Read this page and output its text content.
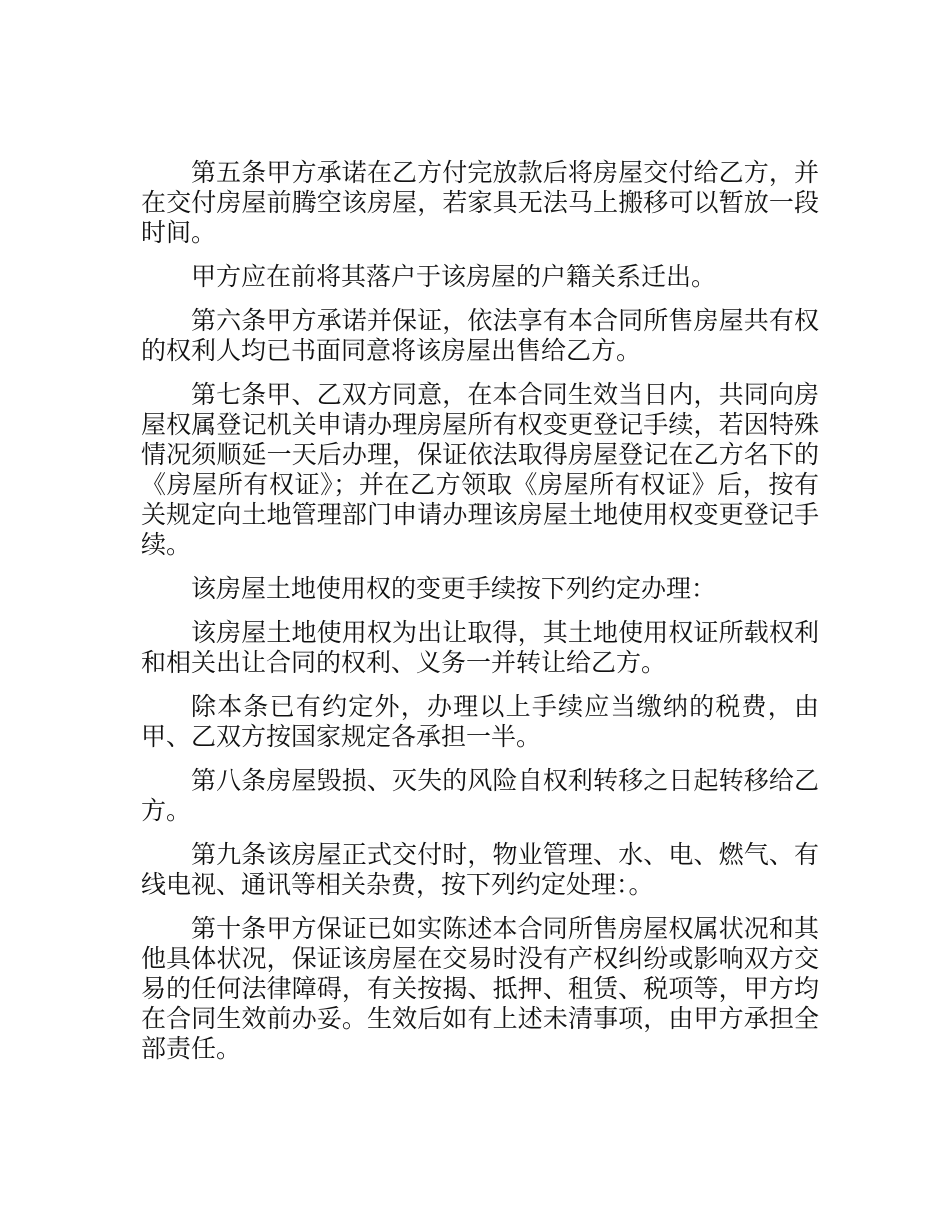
第五条甲方承诺在乙方付完放款后将房屋交付给乙方，并在交付房屋前腾空该房屋，若家具无法马上搬移可以暂放一段时间。

甲方应在前将其落户于该房屋的户籍关系迁出。

第六条甲方承诺并保证，依法享有本合同所售房屋共有权的权利人均已书面同意将该房屋出售给乙方。

第七条甲、乙双方同意，在本合同生效当日内，共同向房屋权属登记机关申请办理房屋所有权变更登记手续，若因特殊情况须顺延一天后办理，保证依法取得房屋登记在乙方名下的《房屋所有权证》；并在乙方领取《房屋所有权证》后，按有关规定向土地管理部门申请办理该房屋土地使用权变更登记手续。

该房屋土地使用权的变更手续按下列约定办理：

该房屋土地使用权为出让取得，其土地使用权证所载权利和相关出让合同的权利、义务一并转让给乙方。

除本条已有约定外，办理以上手续应当缴纳的税费，由甲、乙双方按国家规定各承担一半。

第八条房屋毁损、灭失的风险自权利转移之日起转移给乙方。

第九条该房屋正式交付时，物业管理、水、电、燃气、有线电视、通讯等相关杂费，按下列约定处理：。

第十条甲方保证已如实陈述本合同所售房屋权属状况和其他具体状况，保证该房屋在交易时没有产权纠纷或影响双方交易的任何法律障碍，有关按揭、抵押、租赁、税项等，甲方均在合同生效前办妥。生效后如有上述未清事项，由甲方承担全部责任。
